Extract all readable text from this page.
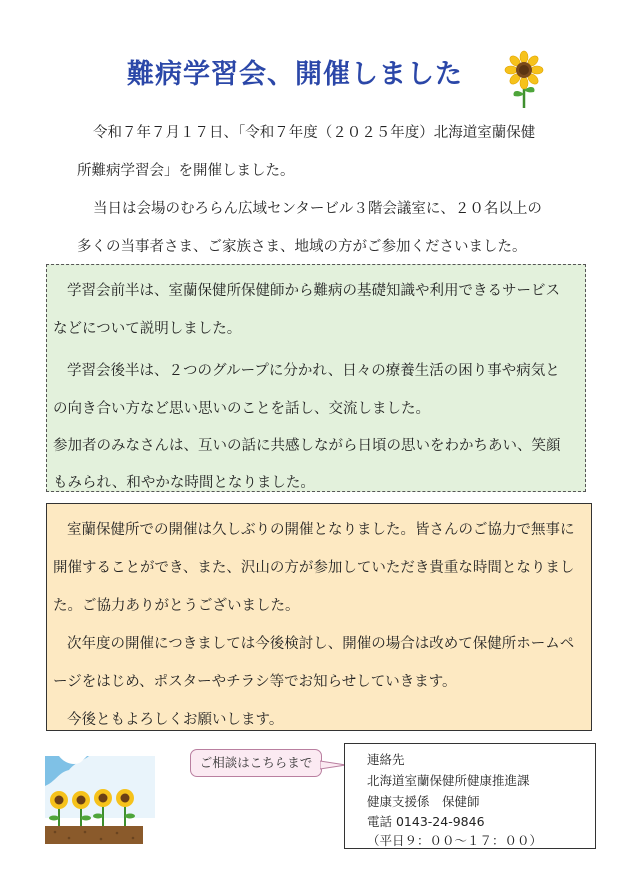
難病学習会、開催しました

令和７年７月１７日、「令和７年度（２０２５年度）北海道室蘭保健

所難病学習会」を開催しました。

当日は会場のむろらん広域センタービル３階会議室に、２０名以上の

多くの当事者さま、ご家族さま、地域の方がご参加くださいました。

学習会前半は、室蘭保健所保健師から難病の基礎知識や利用できるサービス

などについて説明しました。

学習会後半は、２つのグループに分かれ、日々の療養生活の困り事や病気と

の向き合い方など思い思いのことを話し、交流しました。

参加者のみなさんは、互いの話に共感しながら日頃の思いをわかちあい、笑顔

もみられ、和やかな時間となりました。

室蘭保健所での開催は久しぶりの開催となりました。皆さんのご協力で無事に

開催することができ、また、沢山の方が参加していただき貴重な時間となりまし

た。ご協力ありがとうございました。

次年度の開催につきましては今後検討し、開催の場合は改めて保健所ホームペ

ージをはじめ、ポスターやチラシ等でお知らせしていきます。

今後ともよろしくお願いします。

ご相談はこちらまで	連絡先

北海道室蘭保健所健康推進課

健康支援係　保健師

電話 0143-24-9846

（平日９：００～１７：００）
